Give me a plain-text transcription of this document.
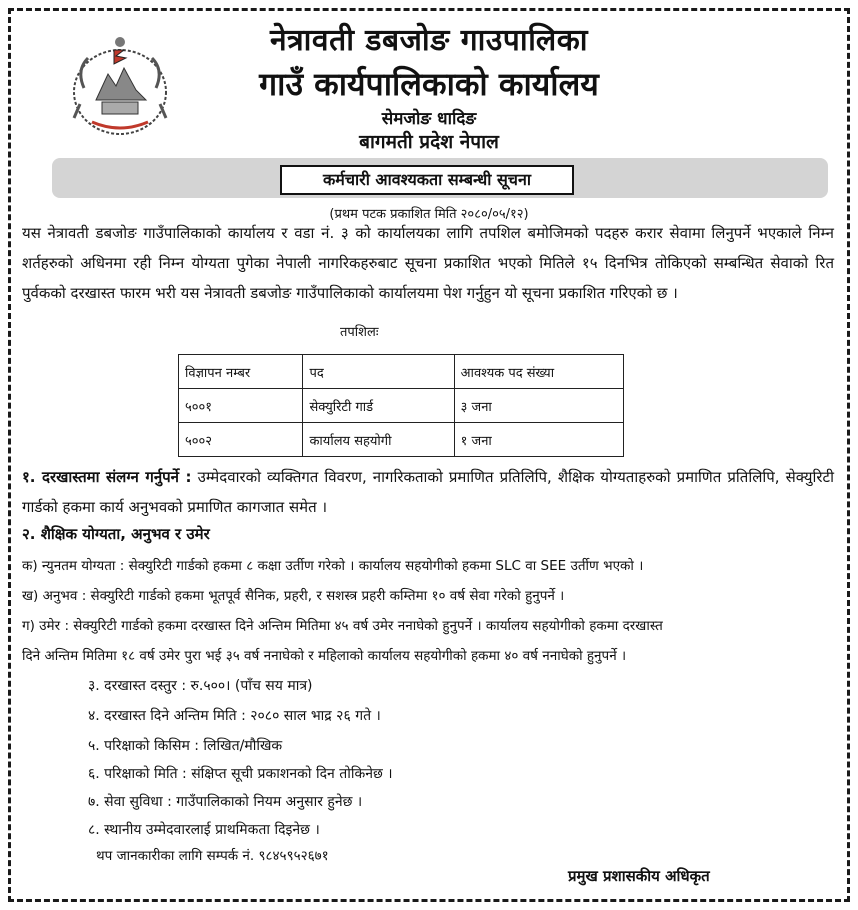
नेत्रावती डबजोङ गाउपालिका
गाउँ कार्यपालिकाको कार्यालय
सेमजोङ धादिङ
बागमती प्रदेश नेपाल
कर्मचारी आवश्यकता सम्बन्धी सूचना
(प्रथम पटक प्रकाशित मिति २०८०/०५/१२)
यस नेत्रावती डबजोङ गाउँपालिकाको कार्यालय र वडा नं. ३ को कार्यालयका लागि तपशिल बमोजिमको पदहरु करार सेवामा लिनुपर्ने भएकाले निम्न शर्तहरुको अधिनमा रही निम्न योग्यता पुगेका नेपाली नागरिकहरुबाट सूचना प्रकाशित भएको मितिले १५ दिनभित्र तोकिएको सम्बन्धित सेवाको रित पुर्वकको दरखास्त फारम भरी यस नेत्रावती डबजोङ गाउँपालिकाको कार्यालयमा पेश गर्नुहुन यो सूचना प्रकाशित गरिएको छ ।
तपशिलः
विज्ञापन नम्बर	पद	आवश्यक पद संख्या
५००१	सेक्युरिटी गार्ड	३ जना
५००२	कार्यालय सहयोगी	१ जना
१. दरखास्तमा संलग्न गर्नुपर्ने : उम्मेदवारको व्यक्तिगत विवरण, नागरिकताको प्रमाणित प्रतिलिपि, शैक्षिक योग्यताहरुको प्रमाणित प्रतिलिपि, सेक्युरिटी गार्डको हकमा कार्य अनुभवको प्रमाणित कागजात समेत ।
२. शैक्षिक योग्यता, अनुभव र उमेर
क) न्युनतम योग्यता : सेक्युरिटी गार्डको हकमा ८ कक्षा उर्तीण गरेको । कार्यालय सहयोगीको हकमा SLC वा SEE उर्तीण भएको ।
ख) अनुभव : सेक्युरिटी गार्डको हकमा भूतपूर्व सैनिक, प्रहरी, र सशस्त्र प्रहरी कम्तिमा १० वर्ष सेवा गरेको हुनुपर्ने ।
ग) उमेर : सेक्युरिटी गार्डको हकमा दरखास्त दिने अन्तिम मितिमा ४५ वर्ष उमेर ननाघेको हुनुपर्ने । कार्यालय सहयोगीको हकमा दरखास्त
दिने अन्तिम मितिमा १८ वर्ष उमेर पुरा भई ३५ वर्ष ननाघेको र महिलाको कार्यालय सहयोगीको हकमा ४० वर्ष ननाघेको हुनुपर्ने ।
३. दरखास्त दस्तुर : रु.५००। (पाँच सय मात्र)
४. दरखास्त दिने अन्तिम मिति : २०८० साल भाद्र २६ गते ।
५. परिक्षाको किसिम : लिखित/मौखिक
६. परिक्षाको मिति : संक्षिप्त सूची प्रकाशनको दिन तोकिनेछ ।
७. सेवा सुविधा : गाउँपालिकाको नियम अनुसार हुनेछ ।
८. स्थानीय उम्मेदवारलाई प्राथमिकता दिइनेछ ।
थप जानकारीका लागि सम्पर्क नं. ९८४५९५२६७१
प्रमुख प्रशासकीय अधिकृत
